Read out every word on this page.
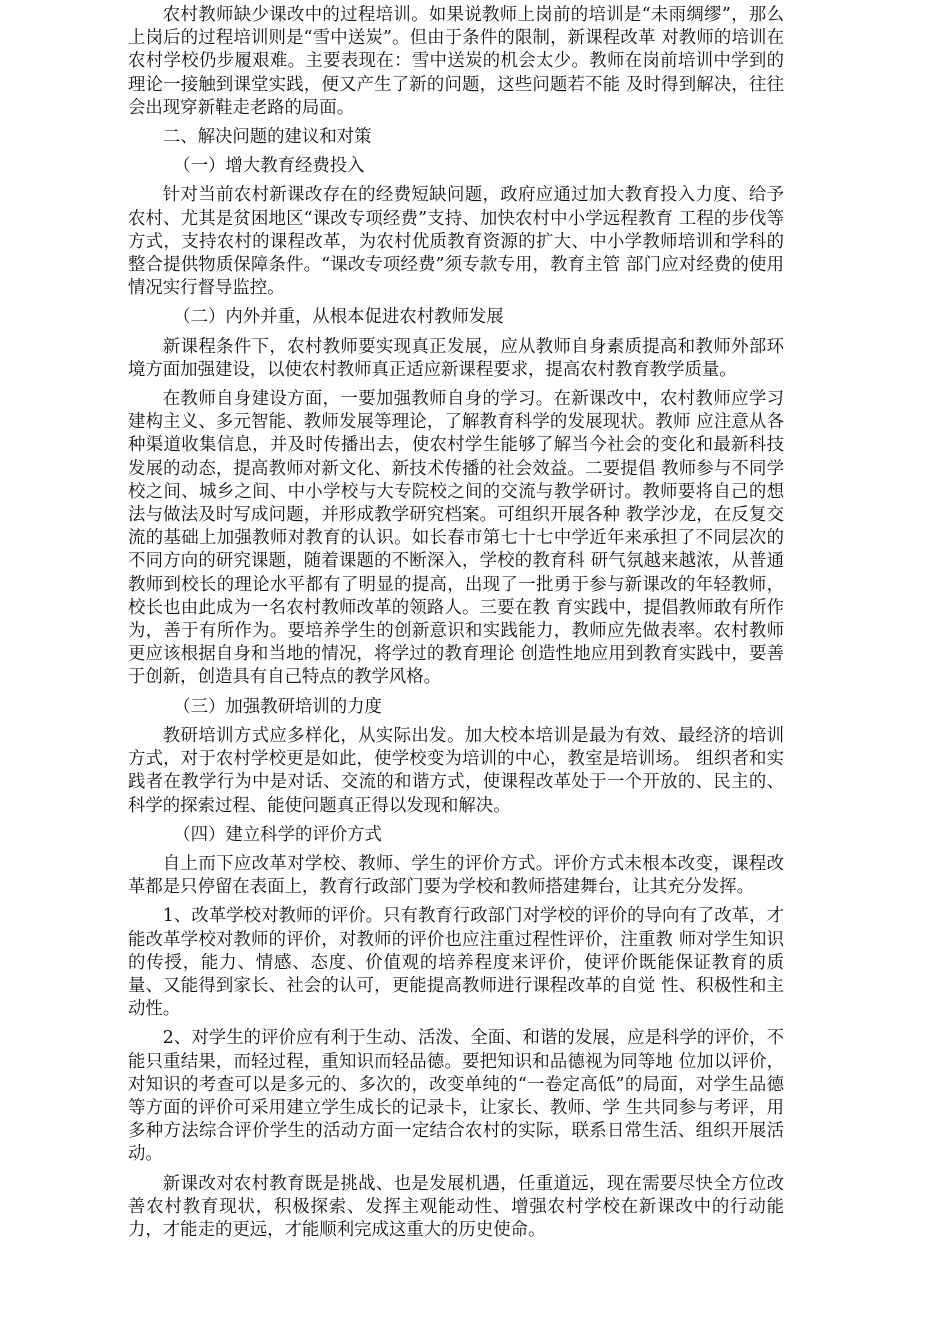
农村教师缺少课改中的过程培训。如果说教师上岗前的培训是“未雨绸缪”，那么上岗后的过程培训则是“雪中送炭”。但由于条件的限制，新课程改革 对教师的培训在农村学校仍步履艰难。主要表现在：雪中送炭的机会太少。教师在岗前培训中学到的理论一接触到课堂实践，便又产生了新的问题，这些问题若不能 及时得到解决，往往会出现穿新鞋走老路的局面。

二、解决问题的建议和对策

（一）增大教育经费投入

针对当前农村新课改存在的经费短缺问题，政府应通过加大教育投入力度、给予农村、尤其是贫困地区“课改专项经费”支持、加快农村中小学远程教育 工程的步伐等方式，支持农村的课程改革，为农村优质教育资源的扩大、中小学教师培训和学科的整合提供物质保障条件。“课改专项经费”须专款专用，教育主管 部门应对经费的使用情况实行督导监控。

（二）内外并重，从根本促进农村教师发展

新课程条件下，农村教师要实现真正发展，应从教师自身素质提高和教师外部环境方面加强建设，以使农村教师真正适应新课程要求，提高农村教育教学质量。

在教师自身建设方面，一要加强教师自身的学习。在新课改中，农村教师应学习建构主义、多元智能、教师发展等理论，了解教育科学的发展现状。教师 应注意从各种渠道收集信息，并及时传播出去，使农村学生能够了解当今社会的变化和最新科技发展的动态，提高教师对新文化、新技术传播的社会效益。二要提倡 教师参与不同学校之间、城乡之间、中小学校与大专院校之间的交流与教学研讨。教师要将自己的想法与做法及时写成问题，并形成教学研究档案。可组织开展各种 教学沙龙，在反复交流的基础上加强教师对教育的认识。如长春市第七十七中学近年来承担了不同层次的不同方向的研究课题，随着课题的不断深入，学校的教育科 研气氛越来越浓，从普通教师到校长的理论水平都有了明显的提高，出现了一批勇于参与新课改的年轻教师，校长也由此成为一名农村教师改革的领路人。三要在教 育实践中，提倡教师敢有所作为，善于有所作为。要培养学生的创新意识和实践能力，教师应先做表率。农村教师更应该根据自身和当地的情况，将学过的教育理论 创造性地应用到教育实践中，要善于创新，创造具有自己特点的教学风格。

（三）加强教研培训的力度

教研培训方式应多样化，从实际出发。加大校本培训是最为有效、最经济的培训方式，对于农村学校更是如此，使学校变为培训的中心，教室是培训场。 组织者和实践者在教学行为中是对话、交流的和谐方式，使课程改革处于一个开放的、民主的、科学的探索过程、能使问题真正得以发现和解决。

（四）建立科学的评价方式

自上而下应改革对学校、教师、学生的评价方式。评价方式未根本改变，课程改革都是只停留在表面上，教育行政部门要为学校和教师搭建舞台，让其充分发挥。

1、改革学校对教师的评价。只有教育行政部门对学校的评价的导向有了改革，才能改革学校对教师的评价，对教师的评价也应注重过程性评价，注重教 师对学生知识的传授，能力、情感、态度、价值观的培养程度来评价，使评价既能保证教育的质量、又能得到家长、社会的认可，更能提高教师进行课程改革的自觉 性、积极性和主动性。

2、对学生的评价应有利于生动、活泼、全面、和谐的发展，应是科学的评价，不能只重结果，而轻过程，重知识而轻品德。要把知识和品德视为同等地 位加以评价，对知识的考查可以是多元的、多次的，改变单纯的“一卷定高低”的局面，对学生品德等方面的评价可采用建立学生成长的记录卡，让家长、教师、学 生共同参与考评，用多种方法综合评价学生的活动方面一定结合农村的实际，联系日常生活、组织开展活动。

新课改对农村教育既是挑战、也是发展机遇，任重道远，现在需要尽快全方位改善农村教育现状，积极探索、发挥主观能动性、增强农村学校在新课改中的行动能力，才能走的更远，才能顺利完成这重大的历史使命。
